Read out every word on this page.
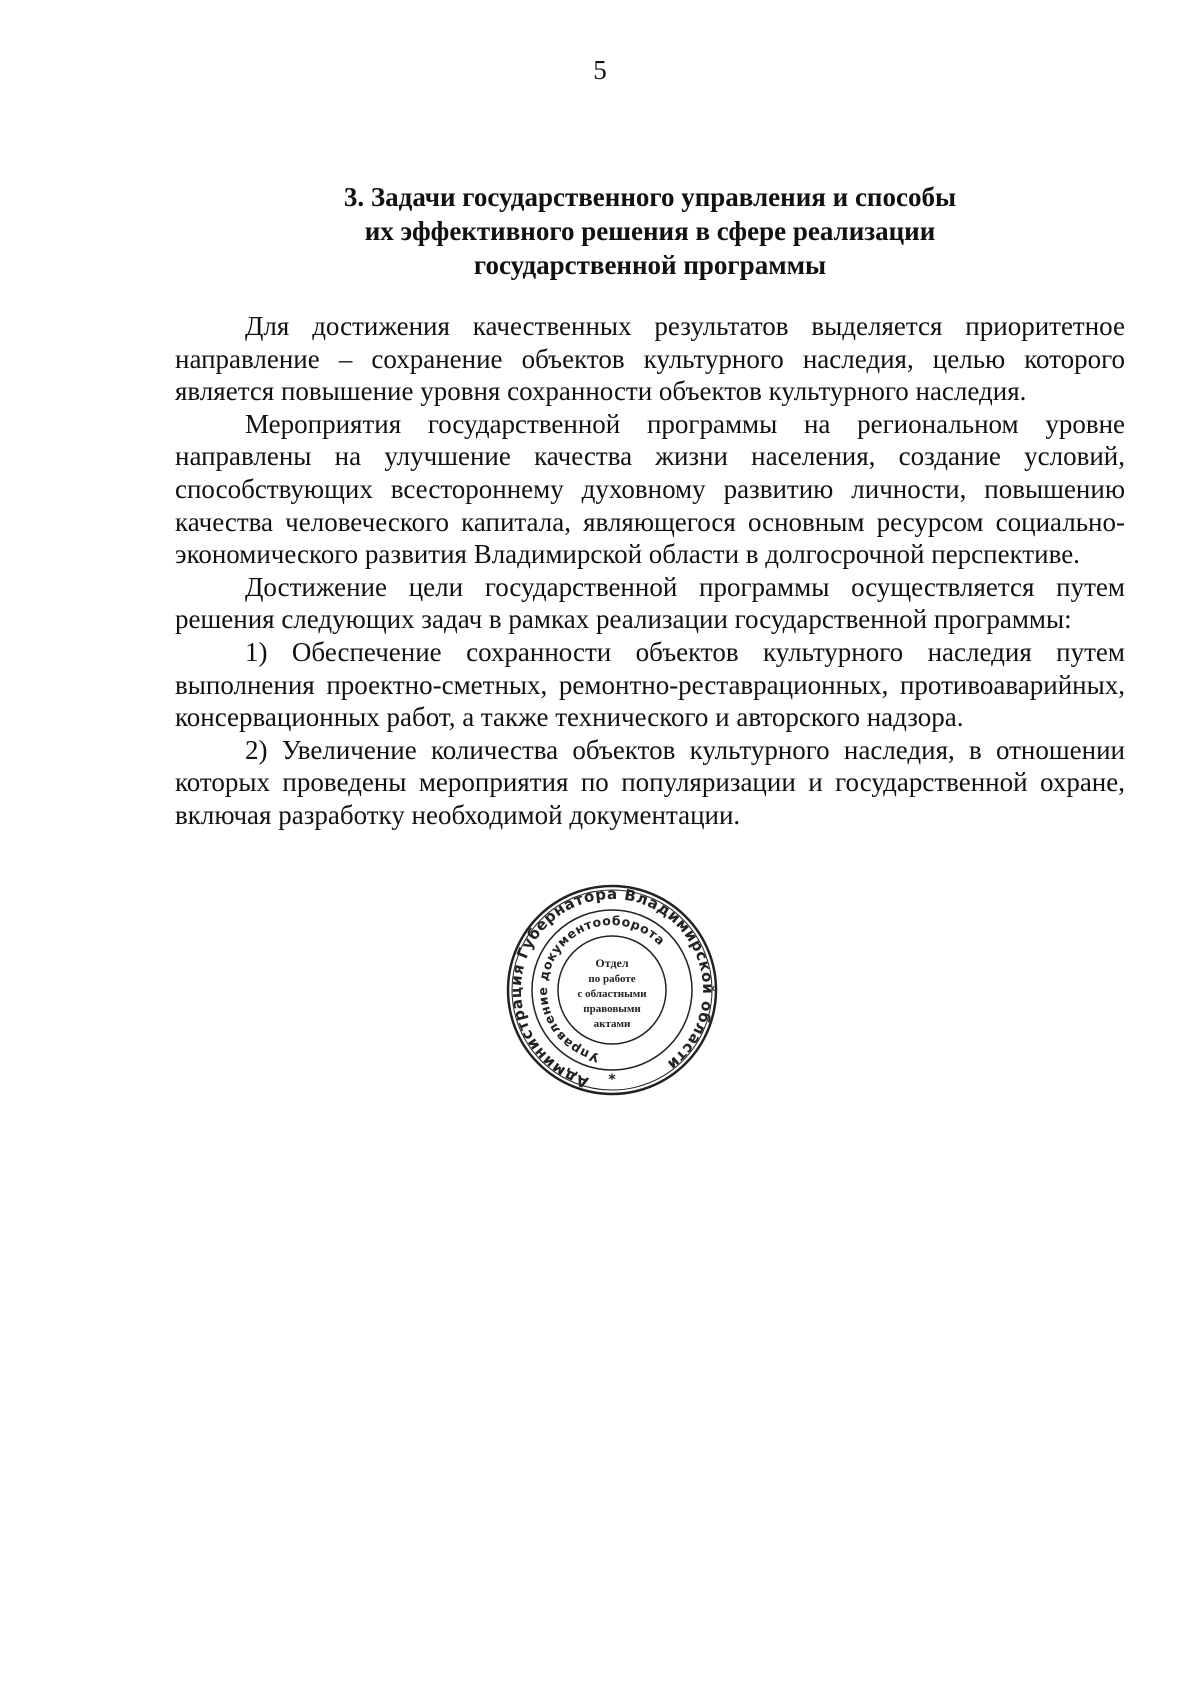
5
3. Задачи государственного управления и способы
их эффективного решения в сфере реализации
государственной программы

Для достижения качественных результатов выделяется приоритетное направление – сохранение объектов культурного наследия, целью которого является повышение уровня сохранности объектов культурного наследия.

Мероприятия государственной программы на региональном уровне направлены на улучшение качества жизни населения, создание условий, способствующих всестороннему духовному развитию личности, повышению качества человеческого капитала, являющегося основным ресурсом социально-экономического развития Владимирской области в долгосрочной перспективе.

Достижение цели государственной программы осуществляется путем решения следующих задач в рамках реализации государственной программы:

1) Обеспечение сохранности объектов культурного наследия путем выполнения проектно-сметных, ремонтно-реставрационных, противоаварийных, консервационных работ, а также технического и авторского надзора.

2) Увеличение количества объектов культурного наследия, в отношении которых проведены мероприятия по популяризации и государственной охране, включая разработку необходимой документации.

Администрация Губернатора Владимирской области
Управление документооборота
*
Отдел
по работе
с областными
правовыми
актами
